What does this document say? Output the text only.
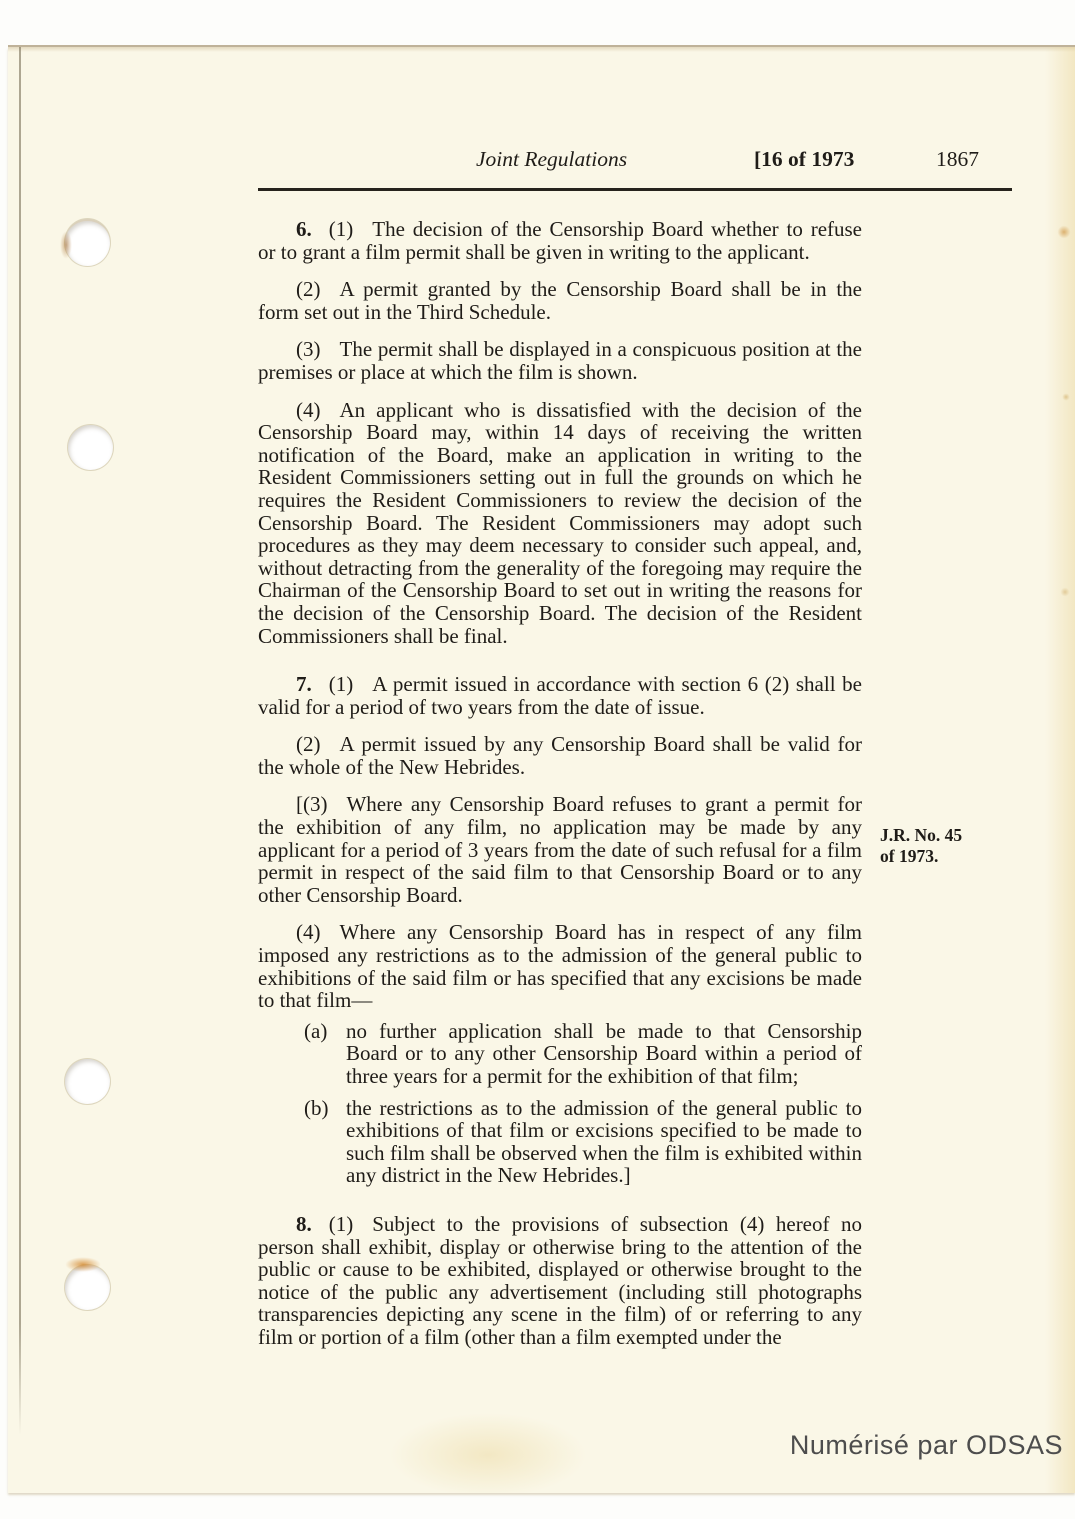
Joint Regulations	[16 of 1973	1867

6. (1) The decision of the Censorship Board whether to refuse or to grant a film permit shall be given in writing to the applicant.

(2) A permit granted by the Censorship Board shall be in the form set out in the Third Schedule.

(3) The permit shall be displayed in a conspicuous position at the premises or place at which the film is shown.

(4) An applicant who is dissatisfied with the decision of the Censorship Board may, within 14 days of receiving the written notification of the Board, make an application in writing to the Resident Commissioners setting out in full the grounds on which he requires the Resident Commissioners to review the decision of the Censorship Board. The Resident Commissioners may adopt such procedures as they may deem necessary to consider such appeal, and, without detracting from the generality of the foregoing may require the Chairman of the Censorship Board to set out in writing the reasons for the decision of the Censorship Board. The decision of the Resident Commissioners shall be final.

7. (1) A permit issued in accordance with section 6 (2) shall be valid for a period of two years from the date of issue.

(2) A permit issued by any Censorship Board shall be valid for the whole of the New Hebrides.

[(3) Where any Censorship Board refuses to grant a permit for the exhibition of any film, no application may be made by any applicant for a period of 3 years from the date of such refusal for a film permit in respect of the said film to that Censorship Board or to any other Censorship Board.

(4) Where any Censorship Board has in respect of any film imposed any restrictions as to the admission of the general public to exhibitions of the said film or has specified that any excisions be made to that film—

(a) no further application shall be made to that Censorship Board or to any other Censorship Board within a period of three years for a permit for the exhibition of that film;

(b) the restrictions as to the admission of the general public to exhibitions of that film or excisions specified to be made to such film shall be observed when the film is exhibited within any district in the New Hebrides.]

8. (1) Subject to the provisions of subsection (4) hereof no person shall exhibit, display or otherwise bring to the attention of the public or cause to be exhibited, displayed or otherwise brought to the notice of the public any advertisement (including still photographs transparencies depicting any scene in the film) of or referring to any film or portion of a film (other than a film exempted under the

J.R. No. 45
of 1973.
Numérisé par ODSAS
